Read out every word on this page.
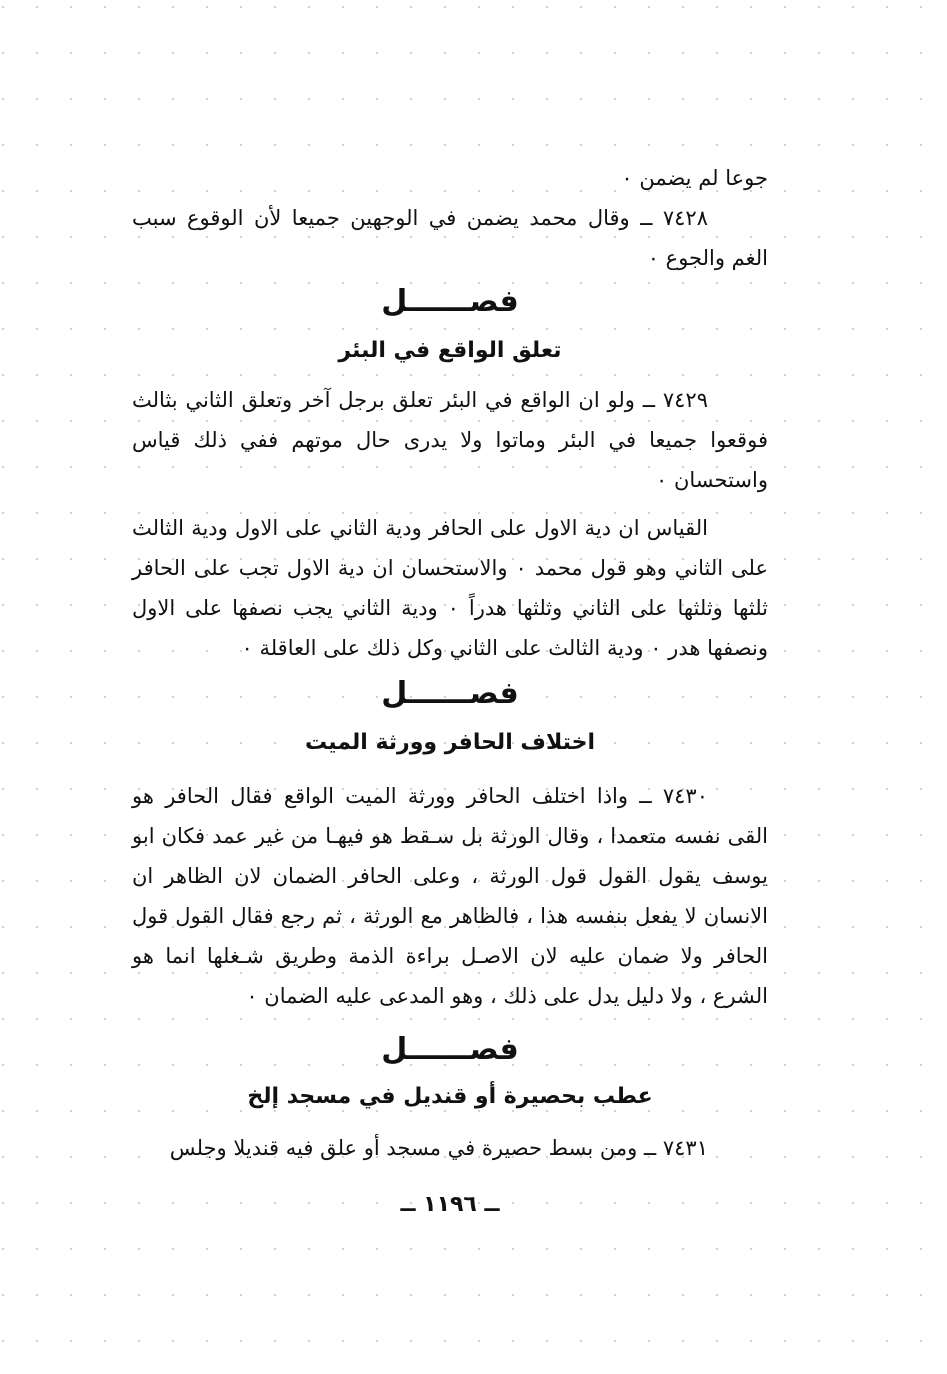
جوعا لم يضمن ٠

٧٤٢٨ ــ وقال محمد يضمن في الوجهين جميعا لأن الوقوع سبب الغم والجوع ٠

فصــــــل
تعلق الواقع في البئر

٧٤٢٩ ــ ولو ان الواقع في البئر تعلق برجل آخر وتعلق الثاني بثالث فوقعوا جميعا في البئر وماتوا ولا يدرى حال موتهم ففي ذلك قياس واستحسان ٠

القياس ان دية الاول على الحافر ودية الثاني على الاول ودية الثالث على الثاني وهو قول محمد ٠ والاستحسان ان دية الاول تجب على الحافر ثلثها وثلثها على الثاني وثلثها هدراً ٠ ودية الثاني يجب نصفها على الاول ونصفها هدر ٠ ودية الثالث على الثاني وكل ذلك على العاقلة ٠

فصــــــل
اختلاف الحافر وورثة الميت

٧٤٣٠ ــ واذا اختلف الحافر وورثة الميت الواقع فقال الحافر هو القى نفسه متعمدا ، وقال الورثة بل سـقط هو فيهـا من غير عمد فكان ابو يوسف يقول القول قول الورثة ، وعلى الحافر الضمان لان الظاهر ان الانسان لا يفعل بنفسه هذا ، فالظاهر مع الورثة ، ثم رجع فقال القول قول الحافر ولا ضمان عليه لان الاصـل براءة الذمة وطريق شـغلها انما هو الشرع ، ولا دليل يدل على ذلك ، وهو المدعى عليه الضمان ٠

فصــــــل
عطب بحصيرة أو قنديل في مسجد إلخ

٧٤٣١ ــ ومن بسط حصيرة في مسجد أو علق فيه قنديلا وجلس

ــ ١١٩٦ ــ
